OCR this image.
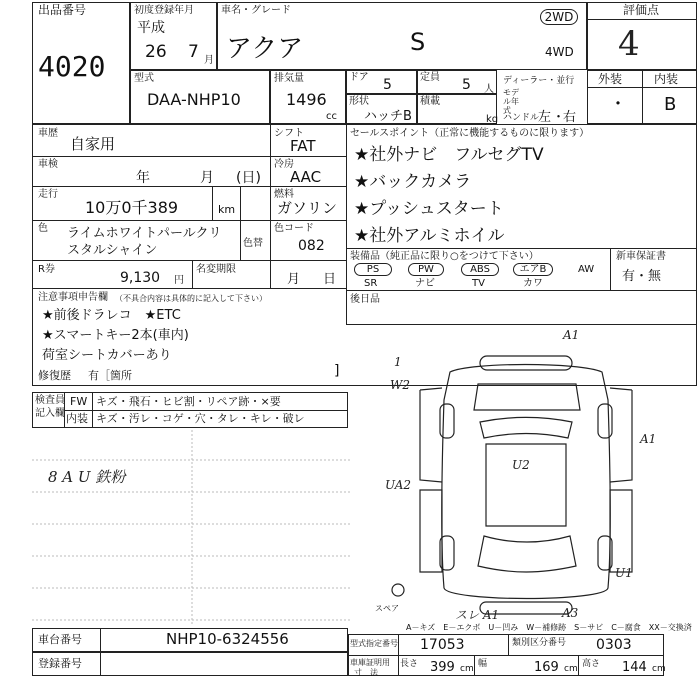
出品番号
4020
初度登録年月
平成
26 7 月
車名・グレード
アクア	S
2WD
4WD
評価点
4
外装	内装
・ B
型式
DAA-NHP10
排気量
1496
cc
ドア 5	定員 5 人
ディーラー・並行
モデル年式
形状
ハッチB
積載
kg ハンドル
左 ・
右
車歴
自家用
シフト
FAT
車検
年	月 (日)
冷房
AAC
走行
10万0千389	km
燃料
ガソリン
色 ライムホワイトパールクリ
スタルシャイン	色替
色コード
082
R券
9,130 円
名変期限
月 日
セールスポイント（正常に機能するものに限ります）
★社外ナビ　フルセグTV
★バックカメラ
★プッシュスタート
★社外アルミホイル
装備品（純正品に限り○をつけて下さい）	新車保証書
有・無
PS	PW	ABS	エアB	AW
SR	ナビ	TV	カワ
後日品
注意事項申告欄 （不具合内容は具体的に記入して下さい）
★前後ドラレコ　★ETC
★スマートキー2本(車内)
荷室シートカバーあり
修復歴 有［箇所	]
検査員
記入欄
FW キズ・飛石・ヒビ割・リペア跡・×要
内装 キズ・汚レ・コゲ・穴・タレ・キレ・破レ
8 A U 鉄粉
A1
W2
1
A1
UA2
U2
U1
スレ A1	A3
スペア
A－キズ　E－エクボ　U－凹み　W－補修跡　S－サビ　C－腐食　XX－交換済
車台番号	NHP10-6324556
登録番号
型式指定番号 17053	類別区分番号 0303
車庫証明用
寸　法
長さ 399 cm 幅	169 cm 高さ 144 cm
